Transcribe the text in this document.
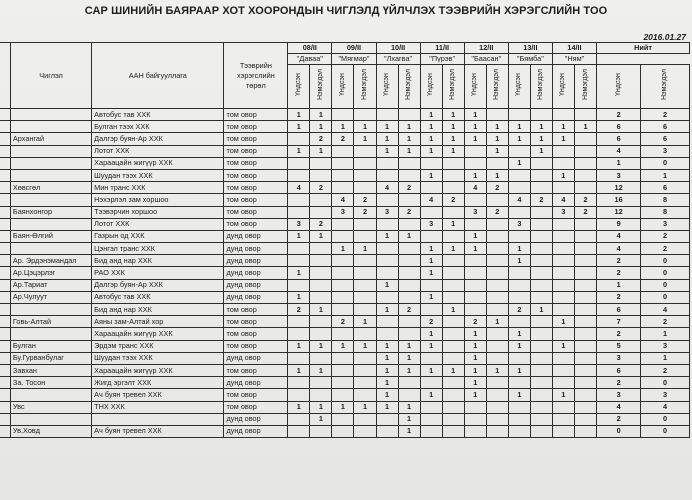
САР ШИНИЙН БАЯРААР ХОТ ХООРОНДЫН ЧИГЛЭЛД ҮЙЛЧЛЭХ ТЭЭВРИЙН ХЭРЭГСЛИЙН ТОО
2016.01.27
	Чиглэл	ААН байгууллага	Тээврийн хэрэгслийн төрөл	08/II		09/II		10/II		11/II		12/II		13/II		14/II		Нийт	
				"Даваа"		"Мягмар"		"Лхагва"		"Пүрэв"		"Баасан"		"Бямба"		"Ням"			
				Үндсэн	Нэмэгдэл	Үндсэн	Нэмэгдэл	Үндсэн	Нэмэгдэл	Үндсэн	Нэмэгдэл	Үндсэн	Нэмэгдэл	Үндсэн	Нэмэгдэл	Үндсэн	Нэмэгдэл	Үндсэн	Нэмэгдэл
		Автобус тав ХХК	том овор	1	1					1	1	1						2	2
		Булган тээх ХХК	том овор	1	1	1	1	1	1	1	1	1	1	1	1	1	1	6	6
	Архангай	Далгэр буян-Ар ХХК	том овор		2	2	1	1	1	1	1	1	1	1	1	1		6	6
		Лотот ХХК	том овор	1	1			1	1	1	1		1		1			4	3
		Хараацайн жигүүр ХХК	том овор											1				1	0
		Шуудан тээх ХХК	том овор							1		1	1			1		3	1
	Хөвсгөл	Мин транс ХХК	том овор	4	2			4	2			4	2					12	6
		Нэхэрлэл зам хоршоо	том овор			4	2			4	2			4	2	4	2	16	8
	Баянхонгор	Тээвэрчин хоршоо	том овор			3	2	3	2			3	2			3	2	12	8
		Лотот ХХК	том овор	3	2					3	1			3				9	3
	Баян-Өлгий	Газрын од ХХК	дунд овор	1	1			1	1			1						4	2
		Цэнгэл транс ХХК	дунд овор			1	1			1	1	1		1				4	2
	Ар. Эрдэнэмандал	Бид анд нар ХХК	дунд овор							1				1				2	0
	Ар.Цэцэрлэг	РАО ХХК	дунд овор	1						1								2	0
	Ар.Тариат	Далгэр буян-Ар ХХК	дунд овор					1										1	0
	Ар.Чулуут	Автобус тав ХХК	дунд овор	1						1								2	0
		Бид анд нар ХХК	том овор	2	1			1	2		1			2	1			6	4
	Говь-Алтай	Аяны зам-Алтай хор	том овор			2	1			2		2	1			1		7	2
		Хараацайн жигүүр ХХК	том овор							1		1		1				2	1
	Булган	Эрдэм транс ХХК	том овор	1	1	1	1	1	1	1		1		1		1		5	3
	Бу.Гурванбулаг	Шуудан тээх ХХК	дунд овор					1	1			1						3	1
	Завхан	Хараацайн жигүүр ХХК	том овор	1	1			1	1	1	1	1	1	1				6	2
	За. Тосон	Жигд эргэлт ХХК	дунд овор					1				1						2	0
		Ач буян тревел ХХК	том овор					1		1		1		1		1		3	3
	Увс	ТНХ ХХК	том овор	1	1	1	1	1	1									4	4
			дунд овор		1				1									2	0
	Ув.Ховд	Ач буян тревел ХХК	дунд овор						1									0	0
